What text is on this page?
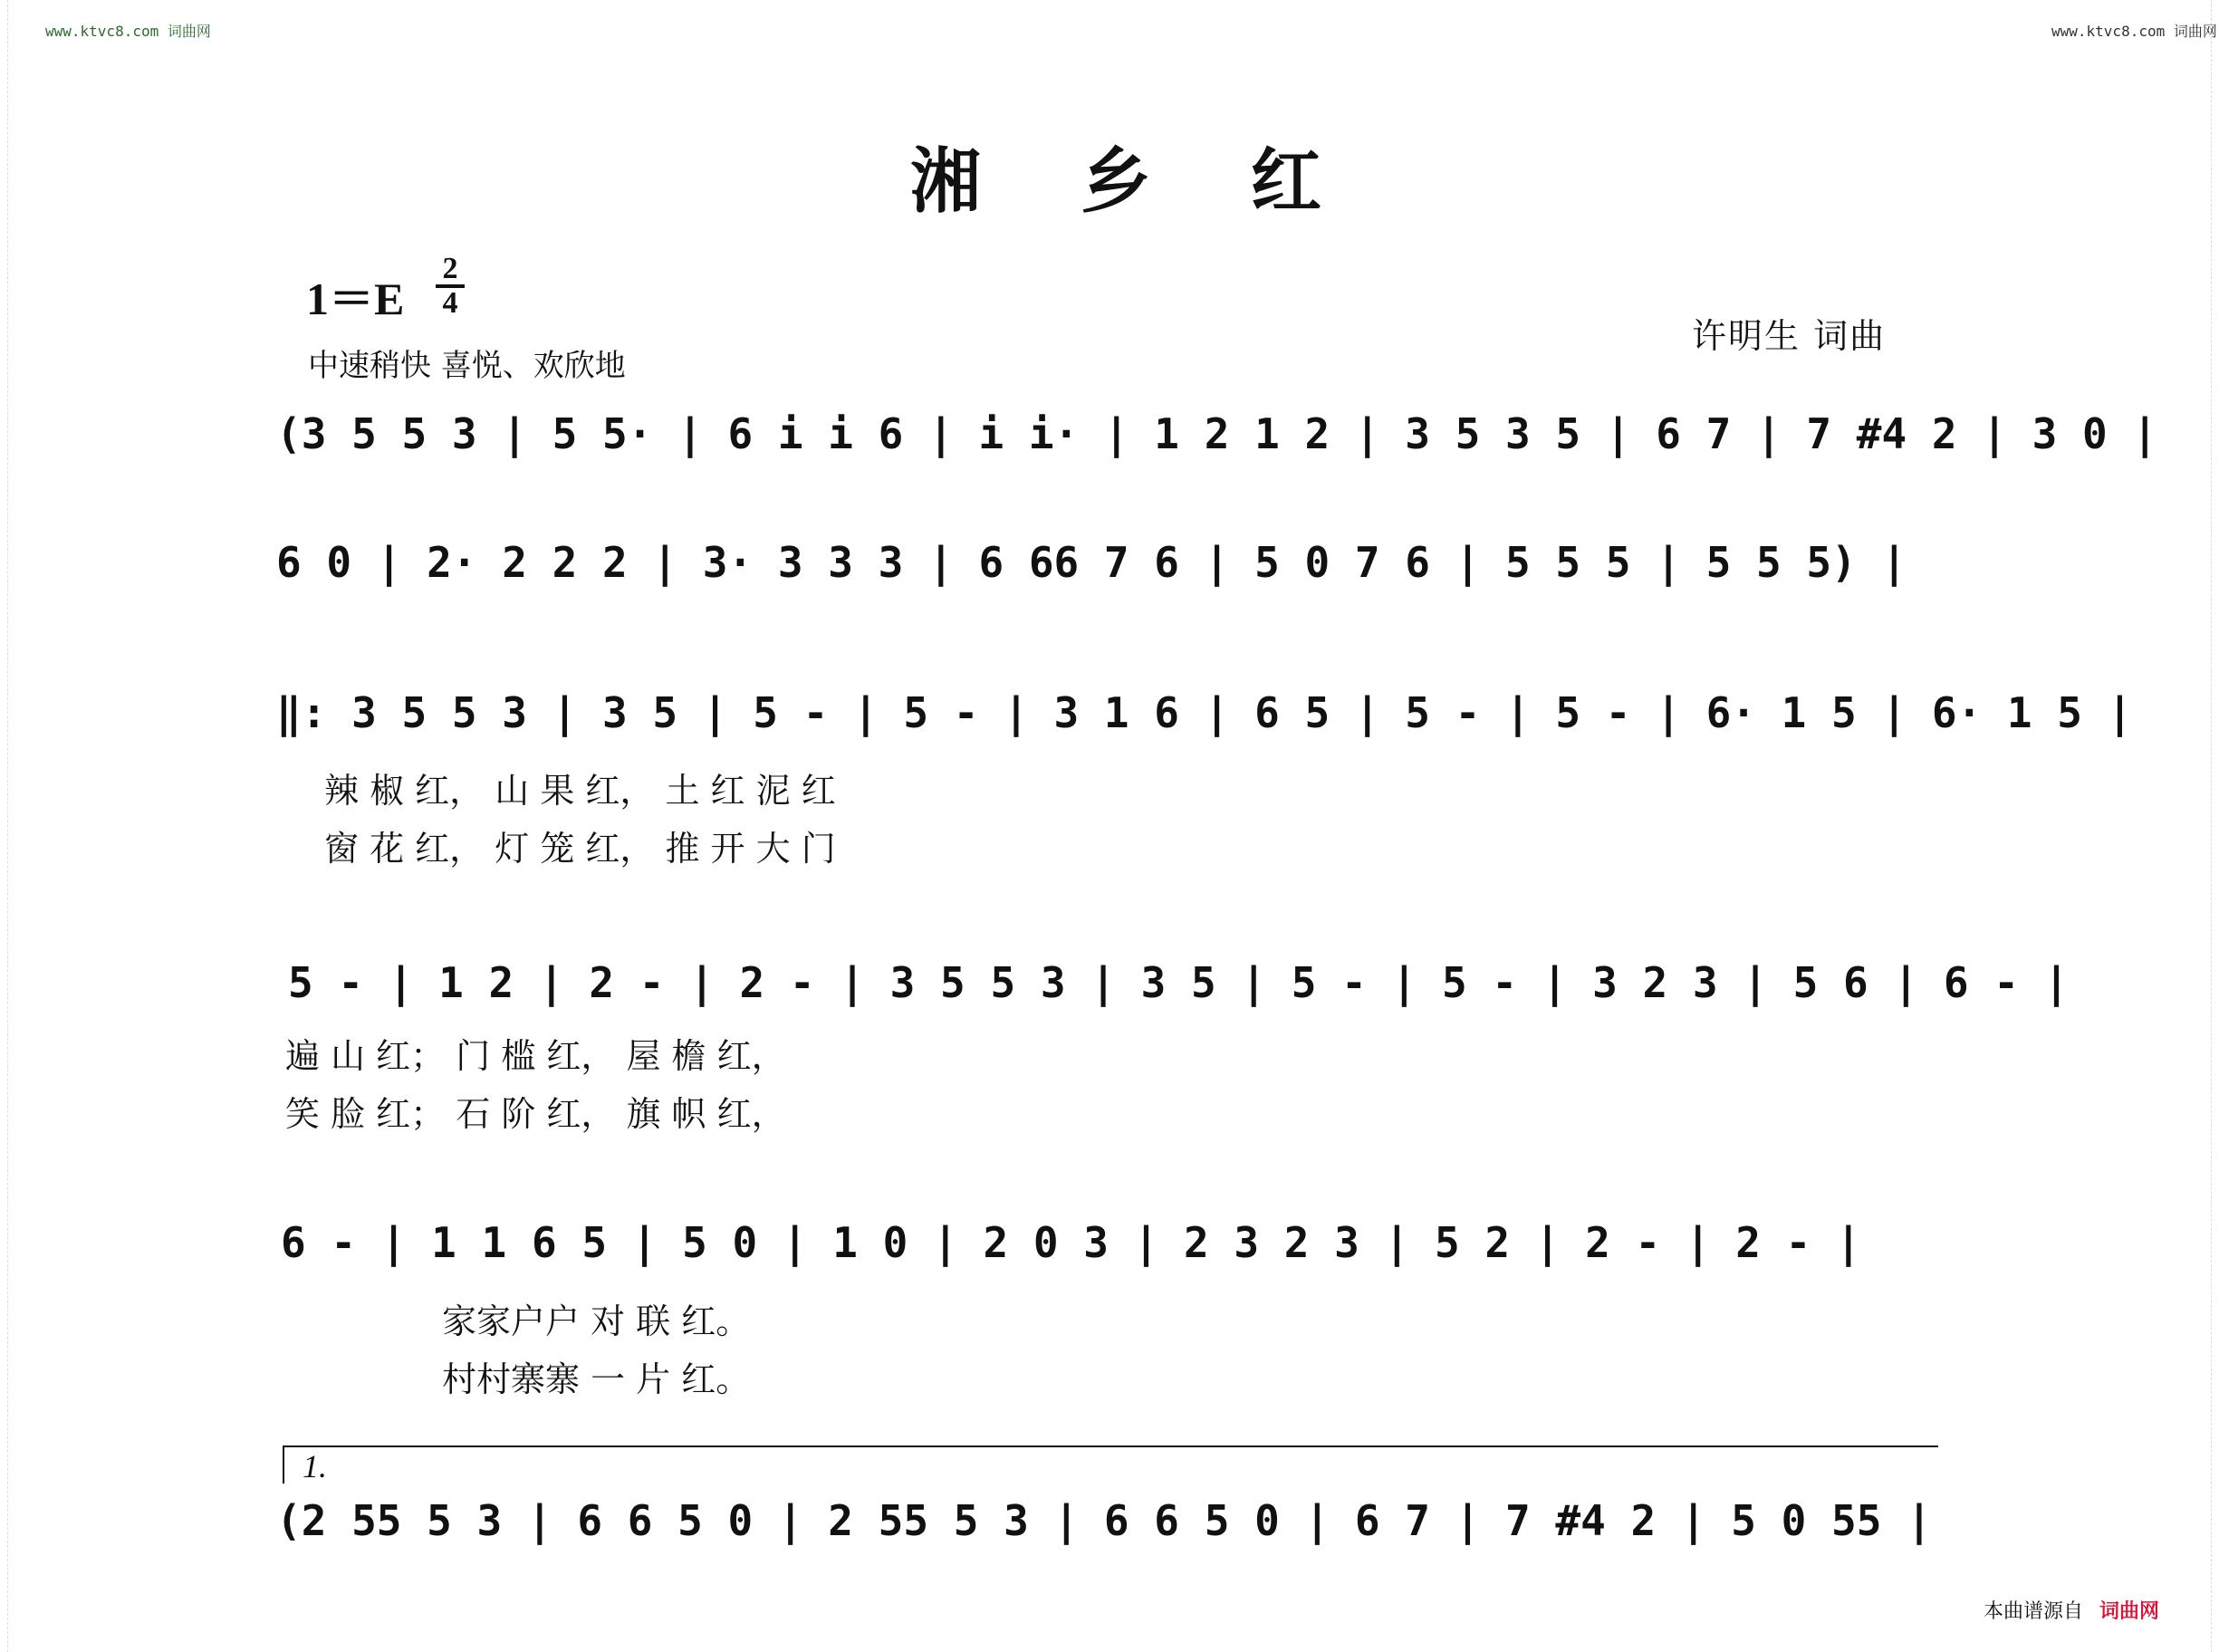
www.ktvc8.com 词曲网	www.ktvc8.com 词曲网
湘乡红
1＝E
2
4
中速稍快 喜悦、欢欣地
许明生 词曲
(3 5 5 3 | 5 5· | 6 i i 6 | i i· | 1 2 1 2 | 3 5 3 5 | 6 7 | 7 #4 2 | 3 0 |
6 0 | 2· 2 2 2 | 3· 3 3 3 | 6 66 7 6 | 5 0 7 6 | 5 5 5 | 5 5 5) |
‖: 3 5 5 3 | 3 5 | 5 - | 5 - | 3 1 6 | 6 5 | 5 - | 5 - | 6· 1 5 | 6· 1 5 |
辣 椒 红， 山 果 红， 土 红 泥 红
窗 花 红， 灯 笼 红， 推 开 大 门
5 - | 1 2 | 2 - | 2 - | 3 5 5 3 | 3 5 | 5 - | 5 - | 3 2 3 | 5 6 | 6 - |
遍 山 红； 门 槛 红， 屋 檐 红，
笑 脸 红； 石 阶 红， 旗 帜 红，
6 - | 1 1 6 5 | 5 0 | 1 0 | 2 0 3 | 2 3 2 3 | 5 2 | 2 - | 2 - |
家家户户 对 联 红。
村村寨寨 一 片 红。
1.
(2 55 5 3 | 6 6 5 0 | 2 55 5 3 | 6 6 5 0 | 6 7 | 7 #4 2 | 5 0 55 |
本曲谱源自 词曲网
